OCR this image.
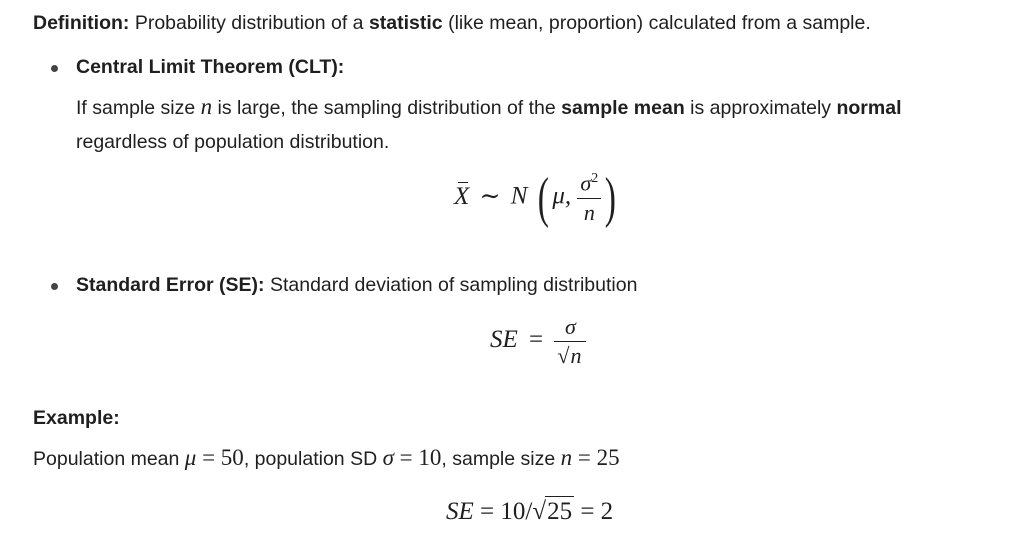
Definition: Probability distribution of a statistic (like mean, proportion) calculated from a sample.
Central Limit Theorem (CLT):
If sample size n is large, the sampling distribution of the sample mean is approximately normal
regardless of population distribution.
X ∼ N ( μ, $\frac{\sigma^2}{n}$ )
Standard Error (SE): Standard deviation of sampling distribution
SE = $\frac{\sigma}{√n}$
Example:
Population mean μ = 50, population SD σ = 10, sample size n = 25
SE = 10/√25 = 2
